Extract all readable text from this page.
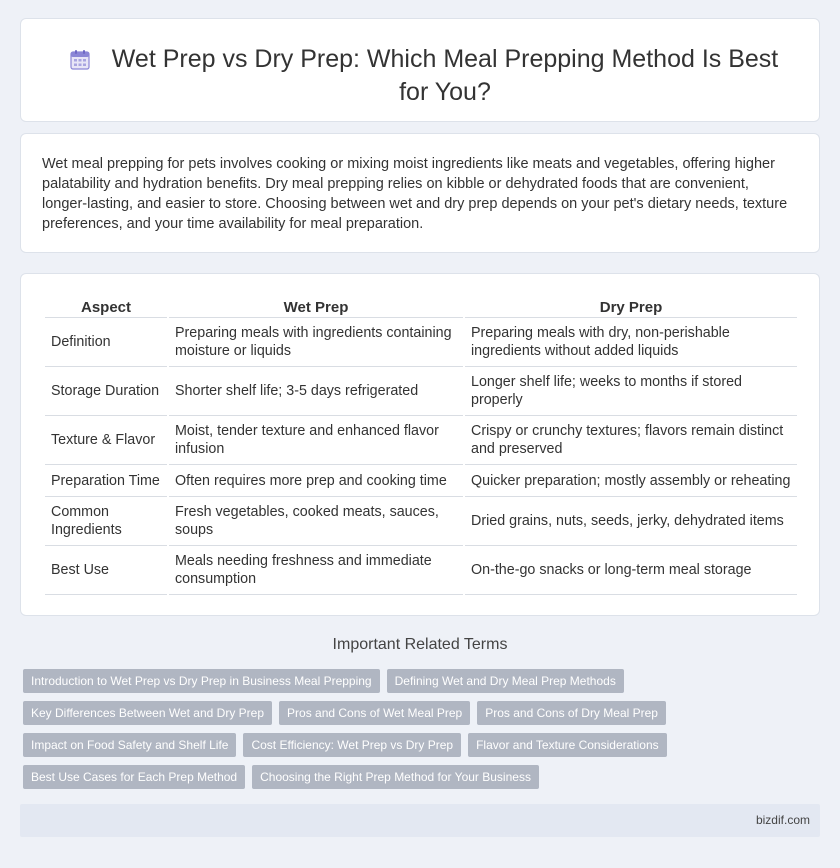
Wet Prep vs Dry Prep: Which Meal Prepping Method Is Best for You?

Wet meal prepping for pets involves cooking or mixing moist ingredients like meats and vegetables, offering higher palatability and hydration benefits. Dry meal prepping relies on kibble or dehydrated foods that are convenient, longer-lasting, and easier to store. Choosing between wet and dry prep depends on your pet's dietary needs, texture preferences, and your time availability for meal preparation.

Aspect	Wet Prep	Dry Prep
Definition	Preparing meals with ingredients containing moisture or liquids	Preparing meals with dry, non-perishable ingredients without added liquids
Storage Duration	Shorter shelf life; 3-5 days refrigerated	Longer shelf life; weeks to months if stored properly
Texture & Flavor	Moist, tender texture and enhanced flavor infusion	Crispy or crunchy textures; flavors remain distinct and preserved
Preparation Time	Often requires more prep and cooking time	Quicker preparation; mostly assembly or reheating
Common Ingredients	Fresh vegetables, cooked meats, sauces, soups	Dried grains, nuts, seeds, jerky, dehydrated items
Best Use	Meals needing freshness and immediate consumption	On-the-go snacks or long-term meal storage
Important Related Terms
Introduction to Wet Prep vs Dry Prep in Business Meal Prepping	Defining Wet and Dry Meal Prep Methods
Key Differences Between Wet and Dry Prep	Pros and Cons of Wet Meal Prep	Pros and Cons of Dry Meal Prep
Impact on Food Safety and Shelf Life	Cost Efficiency: Wet Prep vs Dry Prep	Flavor and Texture Considerations
Best Use Cases for Each Prep Method	Choosing the Right Prep Method for Your Business
bizdif.com
